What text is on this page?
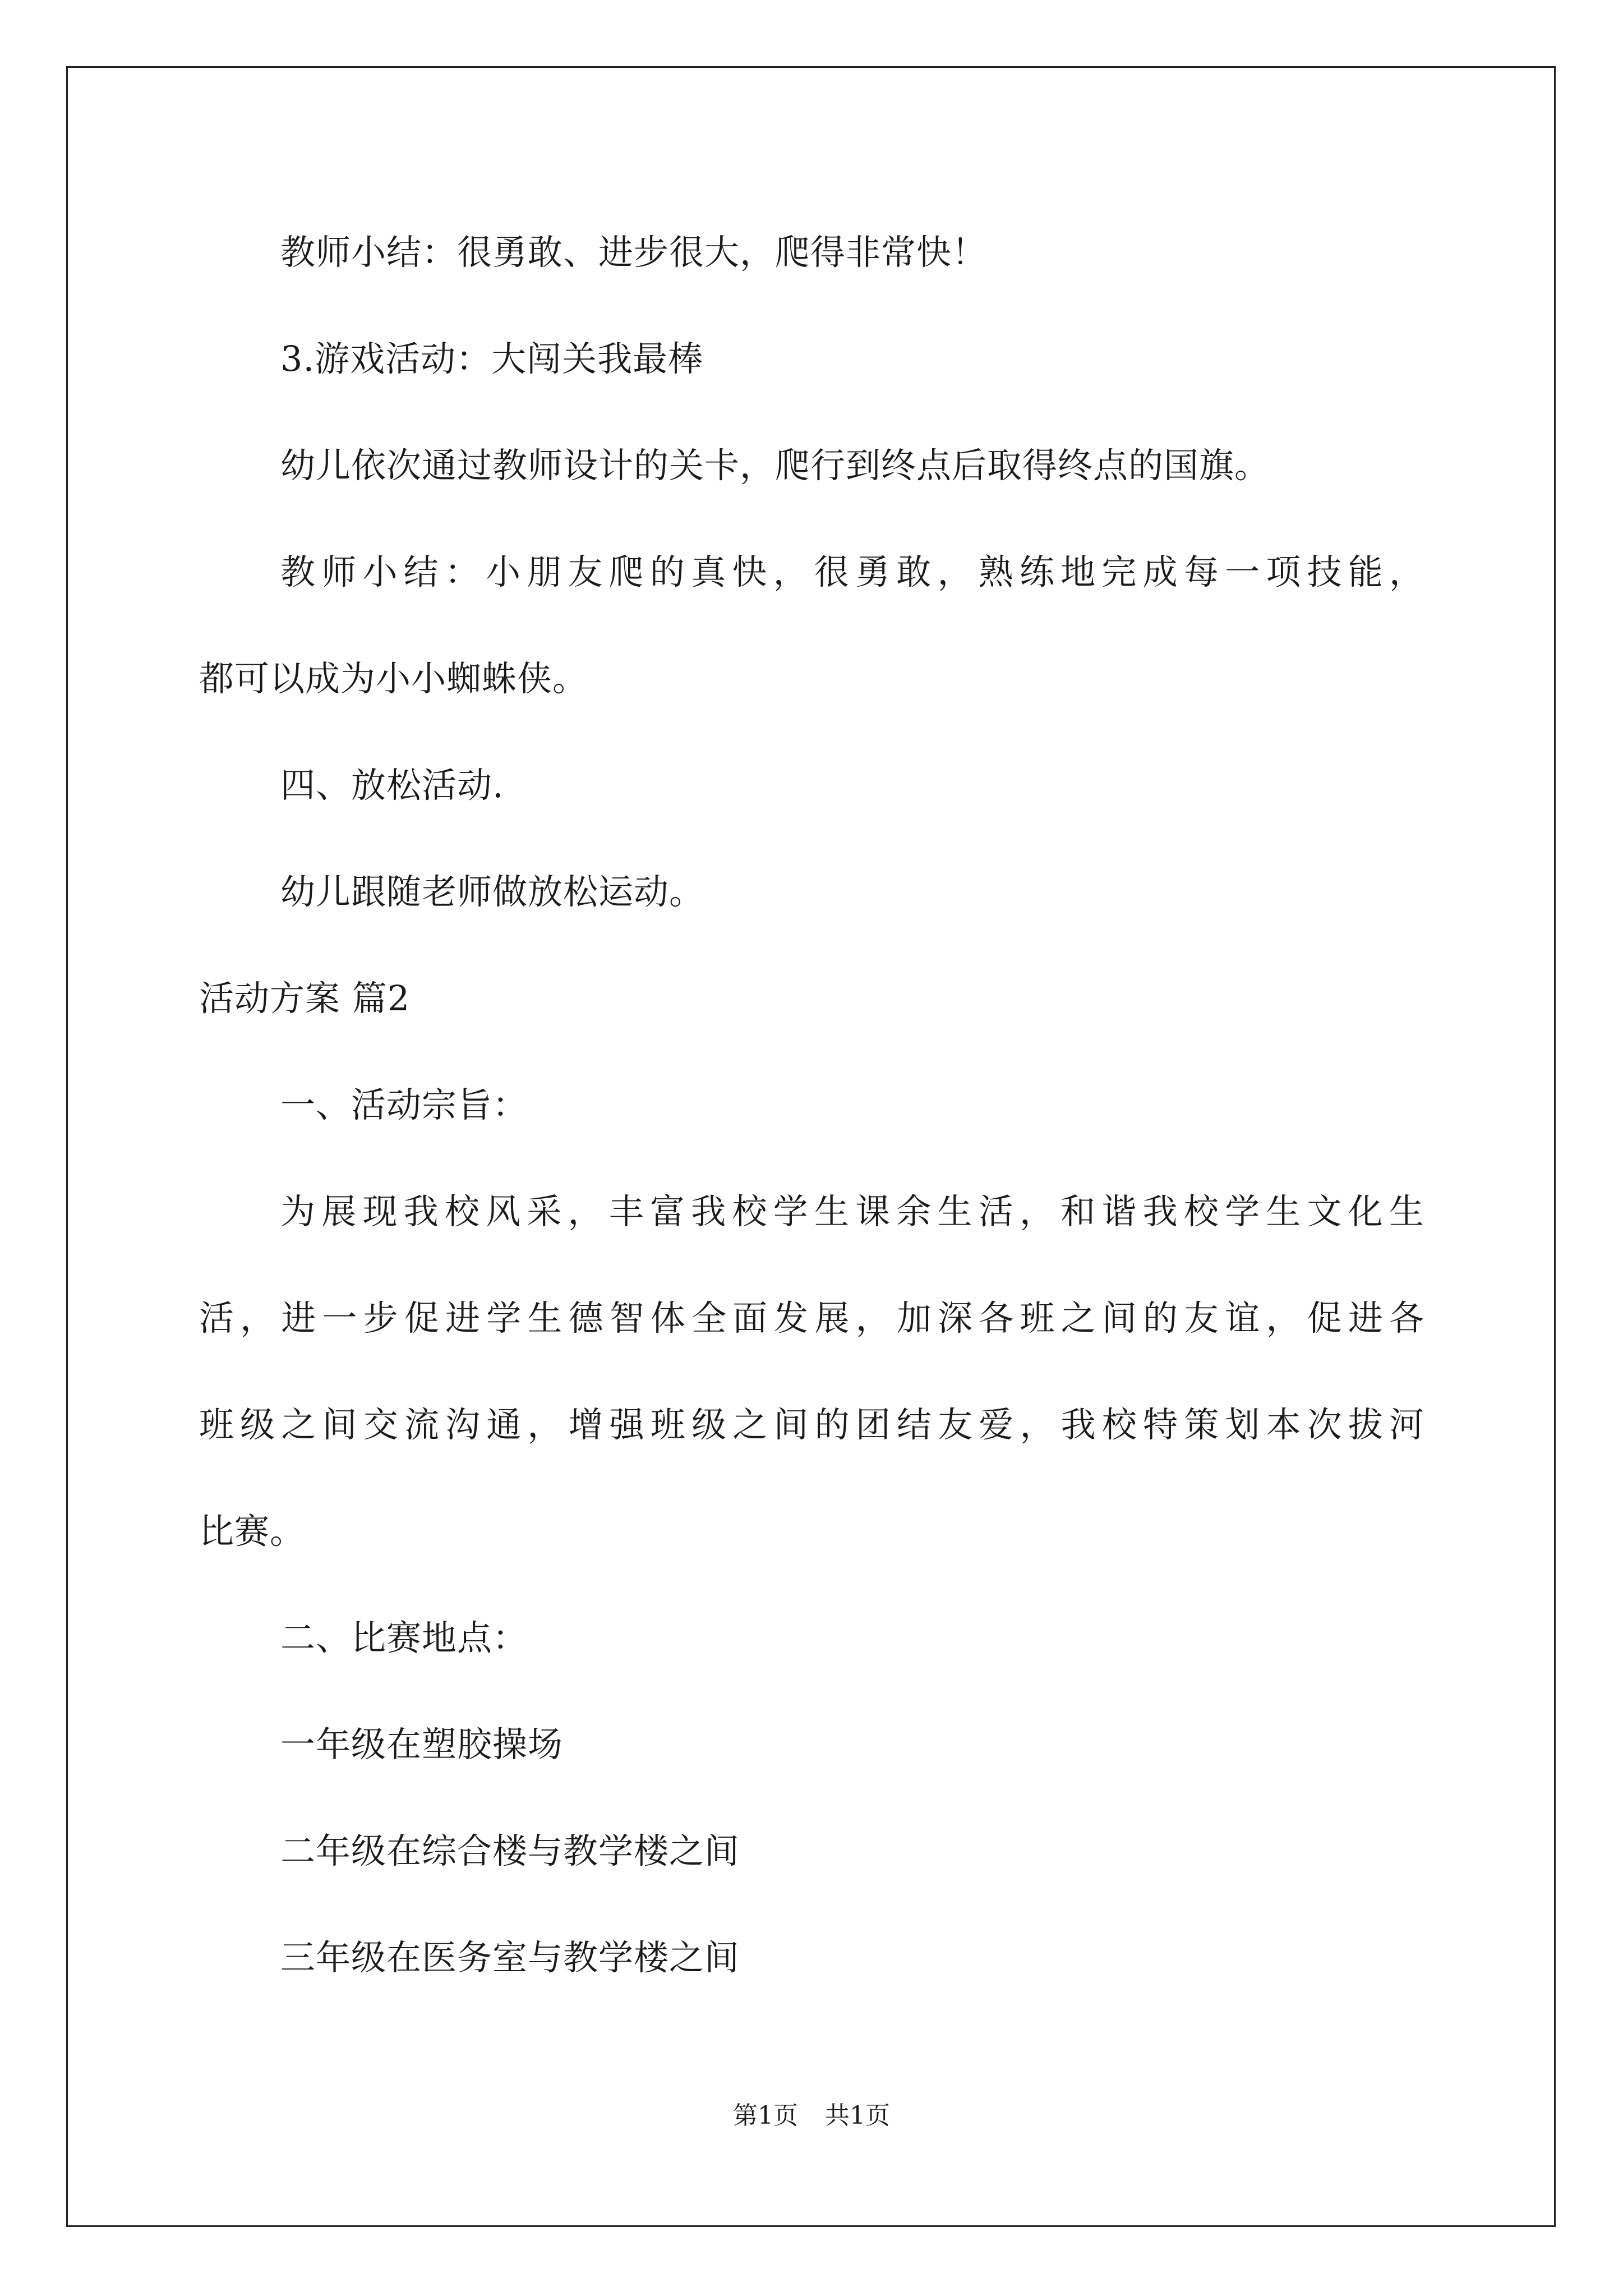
教师小结：很勇敢、进步很大，爬得非常快！
3.游戏活动：大闯关我最棒
幼儿依次通过教师设计的关卡，爬行到终点后取得终点的国旗。
教师小结：小朋友爬的真快，很勇敢，熟练地完成每一项技能，
都可以成为小小蜘蛛侠。
四、放松活动.
幼儿跟随老师做放松运动。
活动方案 篇2
一、活动宗旨：
为展现我校风采，丰富我校学生课余生活，和谐我校学生文化生
活，进一步促进学生德智体全面发展，加深各班之间的友谊，促进各
班级之间交流沟通，增强班级之间的团结友爱，我校特策划本次拔河
比赛。
二、比赛地点：
一年级在塑胶操场
二年级在综合楼与教学楼之间
三年级在医务室与教学楼之间
第1页 共1页
